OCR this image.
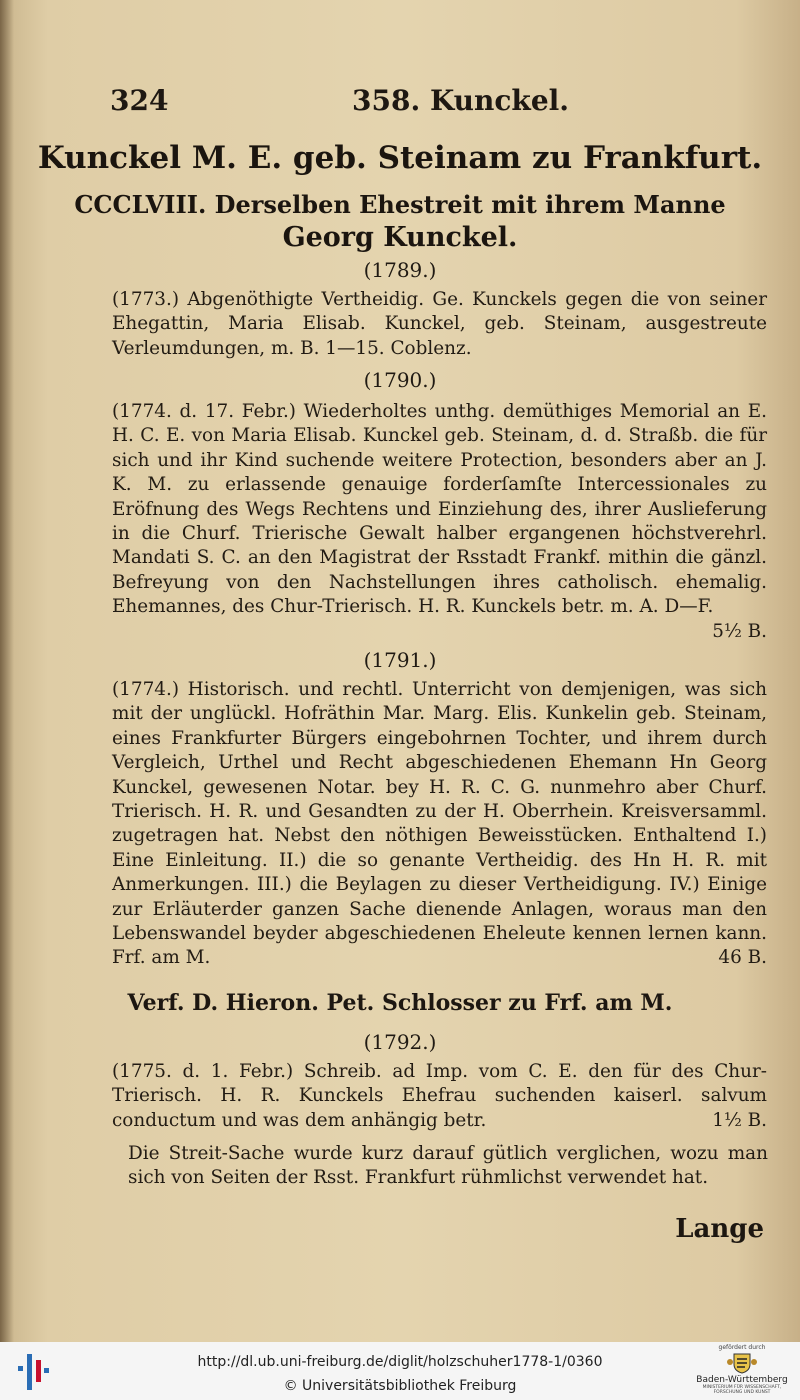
324	358. Kunckel.
Kunckel M. E. geb. Steinam zu Frankfurt.
CCCLVIII. Derselben Ehestreit mit ihrem Manne
Georg Kunckel.
(1789.)
(1773.) Abgenöthigte Vertheidig. Ge. Kunckels gegen die von seiner Ehegattin, Maria Elisab. Kunckel, geb. Steinam, ausgestreute Verleumdungen, m. B. 1—15. Coblenz.
(1790.)
(1774. d. 17. Febr.) Wiederholtes unthg. demüthiges Memorial an E. H. C. E. von Maria Elisab. Kunckel geb. Steinam, d. d. Straßb. die für sich und ihr Kind suchende weitere Protection, besonders aber an J. K. M. zu erlassende genauige forderſamſte Intercessionales zu Eröfnung des Wegs Rechtens und Einziehung des, ihrer Auslieferung in die Churf. Trierische Gewalt halber ergangenen höchstverehrl. Mandati S. C. an den Magistrat der Rsstadt Frankf. mithin die gänzl. Befreyung von den Nachstellungen ihres catholisch. ehemalig. Ehemannes, des Chur-Trierisch. H. R. Kunckels betr. m. A. D—F.
5½ B.
(1791.)
(1774.) Historisch. und rechtl. Unterricht von demjenigen, was sich mit der unglückl. Hofräthin Mar. Marg. Elis. Kunkelin geb. Steinam, eines Frankfurter Bürgers eingebohrnen Tochter, und ihrem durch Vergleich, Urthel und Recht abgeschiedenen Ehemann Hn Georg Kunckel, gewesenen Notar. bey H. R. C. G. nunmehro aber Churf. Trierisch. H. R. und Gesandten zu der H. Oberrhein. Kreisversamml. zugetragen hat. Nebst den nöthigen Beweisstücken. Enthaltend I.) Eine Einleitung. II.) die so genante Vertheidig. des Hn H. R. mit Anmerkungen. III.) die Beylagen zu dieser Vertheidigung. IV.) Einige zur Erläuterder ganzen Sache dienende Anlagen, woraus man den Lebenswandel beyder abgeschiedenen Eheleute kennen lernen kann. Frf. am M.	46 B.
Verf. D. Hieron. Pet. Schlosser zu Frf. am M.
(1792.)
(1775. d. 1. Febr.) Schreib. ad Imp. vom C. E. den für des Chur-Trierisch. H. R. Kunckels Ehefrau suchenden kaiserl. salvum conductum und was dem anhängig betr.	1½ B.
Die Streit-Sache wurde kurz darauf gütlich verglichen, wozu man sich von Seiten der Rsst. Frankfurt rühmlichst verwendet hat.
Lange
http://dl.ub.uni-freiburg.de/diglit/holzschuher1778-1/0360
© Universitätsbibliothek Freiburg
gefördert durch
Baden-Württemberg
MINISTERIUM FÜR WISSENSCHAFT, FORSCHUNG UND KUNST
